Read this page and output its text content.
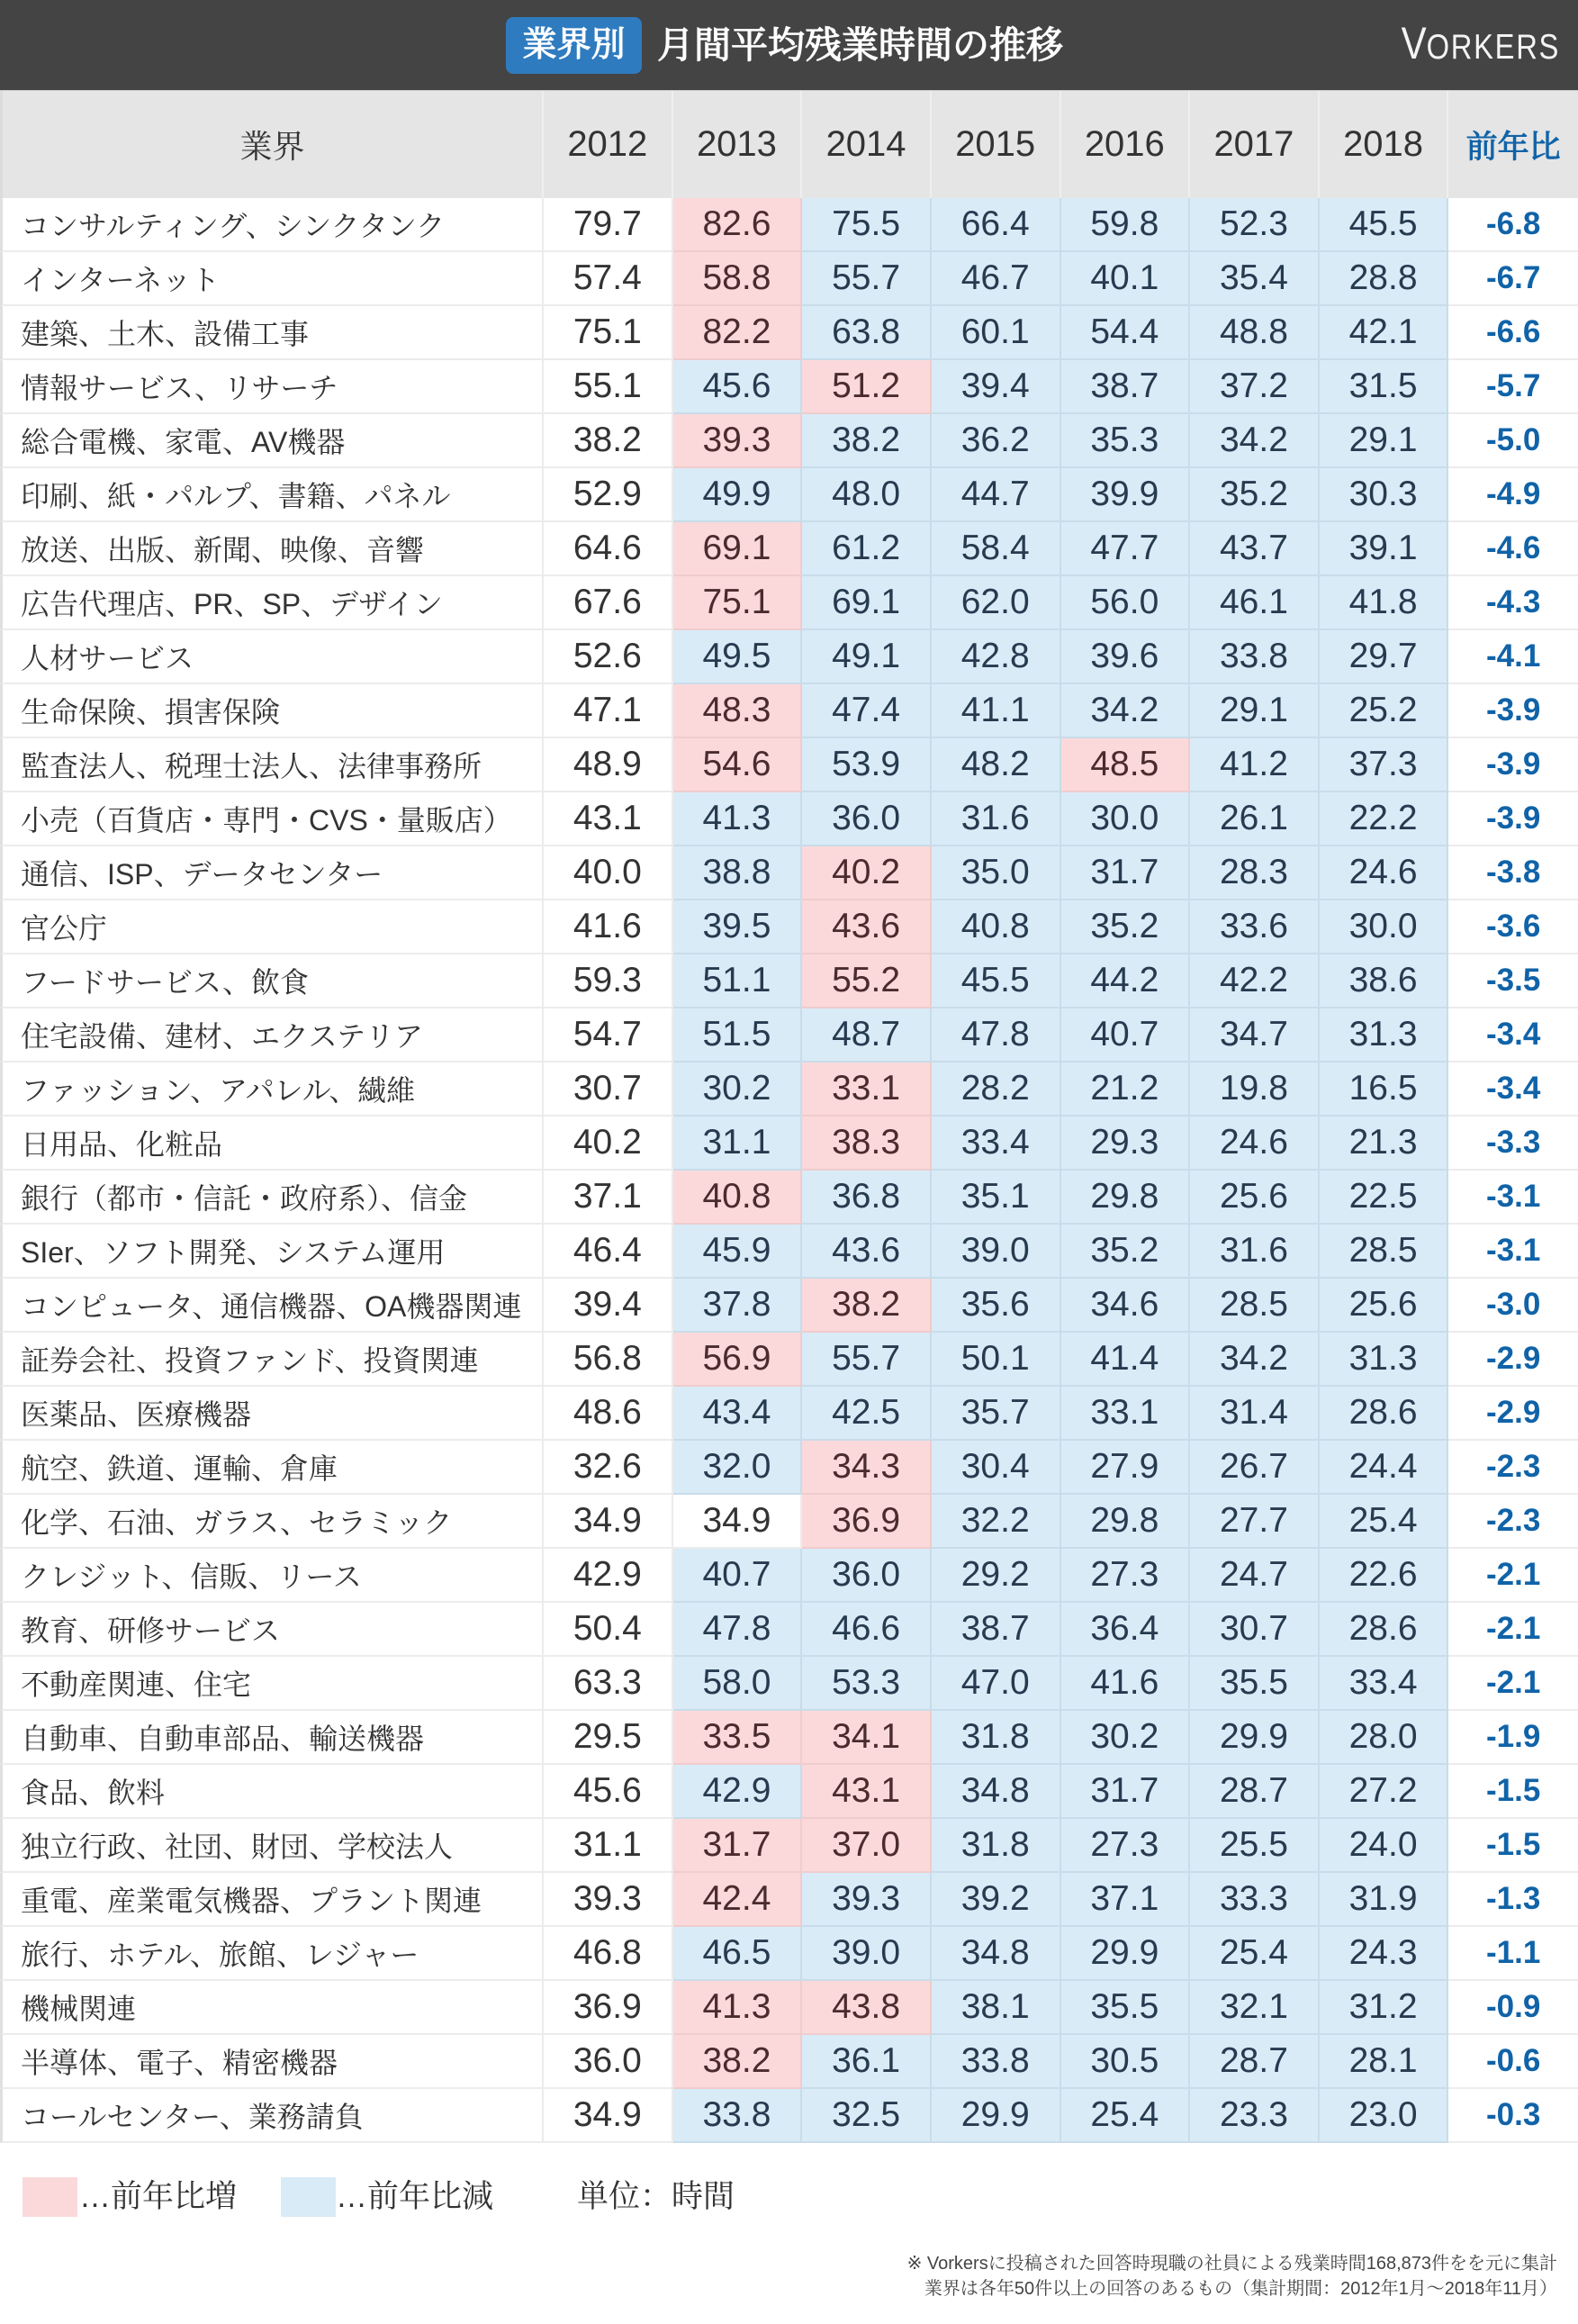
業界別 月間平均残業時間の推移	VORKERS
業界	2012	2013	2014	2015	2016	2017	2018	前年比
コンサルティング、シンクタンク	79.7	82.6	75.5	66.4	59.8	52.3	45.5	-6.8
インターネット	57.4	58.8	55.7	46.7	40.1	35.4	28.8	-6.7
建築、土木、設備工事	75.1	82.2	63.8	60.1	54.4	48.8	42.1	-6.6
情報サービス、リサーチ	55.1	45.6	51.2	39.4	38.7	37.2	31.5	-5.7
総合電機、家電、AV機器	38.2	39.3	38.2	36.2	35.3	34.2	29.1	-5.0
印刷、紙・パルプ、書籍、パネル	52.9	49.9	48.0	44.7	39.9	35.2	30.3	-4.9
放送、出版、新聞、映像、音響	64.6	69.1	61.2	58.4	47.7	43.7	39.1	-4.6
広告代理店、PR、SP、デザイン	67.6	75.1	69.1	62.0	56.0	46.1	41.8	-4.3
人材サービス	52.6	49.5	49.1	42.8	39.6	33.8	29.7	-4.1
生命保険、損害保険	47.1	48.3	47.4	41.1	34.2	29.1	25.2	-3.9
監査法人、税理士法人、法律事務所	48.9	54.6	53.9	48.2	48.5	41.2	37.3	-3.9
小売（百貨店・専門・CVS・量販店）	43.1	41.3	36.0	31.6	30.0	26.1	22.2	-3.9
通信、ISP、データセンター	40.0	38.8	40.2	35.0	31.7	28.3	24.6	-3.8
官公庁	41.6	39.5	43.6	40.8	35.2	33.6	30.0	-3.6
フードサービス、飲食	59.3	51.1	55.2	45.5	44.2	42.2	38.6	-3.5
住宅設備、建材、エクステリア	54.7	51.5	48.7	47.8	40.7	34.7	31.3	-3.4
ファッション、アパレル、繊維	30.7	30.2	33.1	28.2	21.2	19.8	16.5	-3.4
日用品、化粧品	40.2	31.1	38.3	33.4	29.3	24.6	21.3	-3.3
銀行（都市・信託・政府系）、信金	37.1	40.8	36.8	35.1	29.8	25.6	22.5	-3.1
SIer、ソフト開発、システム運用	46.4	45.9	43.6	39.0	35.2	31.6	28.5	-3.1
コンピュータ、通信機器、OA機器関連	39.4	37.8	38.2	35.6	34.6	28.5	25.6	-3.0
証券会社、投資ファンド、投資関連	56.8	56.9	55.7	50.1	41.4	34.2	31.3	-2.9
医薬品、医療機器	48.6	43.4	42.5	35.7	33.1	31.4	28.6	-2.9
航空、鉄道、運輸、倉庫	32.6	32.0	34.3	30.4	27.9	26.7	24.4	-2.3
化学、石油、ガラス、セラミック	34.9	34.9	36.9	32.2	29.8	27.7	25.4	-2.3
クレジット、信販、リース	42.9	40.7	36.0	29.2	27.3	24.7	22.6	-2.1
教育、研修サービス	50.4	47.8	46.6	38.7	36.4	30.7	28.6	-2.1
不動産関連、住宅	63.3	58.0	53.3	47.0	41.6	35.5	33.4	-2.1
自動車、自動車部品、輸送機器	29.5	33.5	34.1	31.8	30.2	29.9	28.0	-1.9
食品、飲料	45.6	42.9	43.1	34.8	31.7	28.7	27.2	-1.5
独立行政、社団、財団、学校法人	31.1	31.7	37.0	31.8	27.3	25.5	24.0	-1.5
重電、産業電気機器、プラント関連	39.3	42.4	39.3	39.2	37.1	33.3	31.9	-1.3
旅行、ホテル、旅館、レジャー	46.8	46.5	39.0	34.8	29.9	25.4	24.3	-1.1
機械関連	36.9	41.3	43.8	38.1	35.5	32.1	31.2	-0.9
半導体、電子、精密機器	36.0	38.2	36.1	33.8	30.5	28.7	28.1	-0.6
コールセンター、業務請負	34.9	33.8	32.5	29.9	25.4	23.3	23.0	-0.3
…前年比増	…前年比減	単位：時間
※ Vorkersに投稿された回答時現職の社員による残業時間168,873件をを元に集計
業界は各年50件以上の回答のあるもの（集計期間：2012年1月〜2018年11月）
